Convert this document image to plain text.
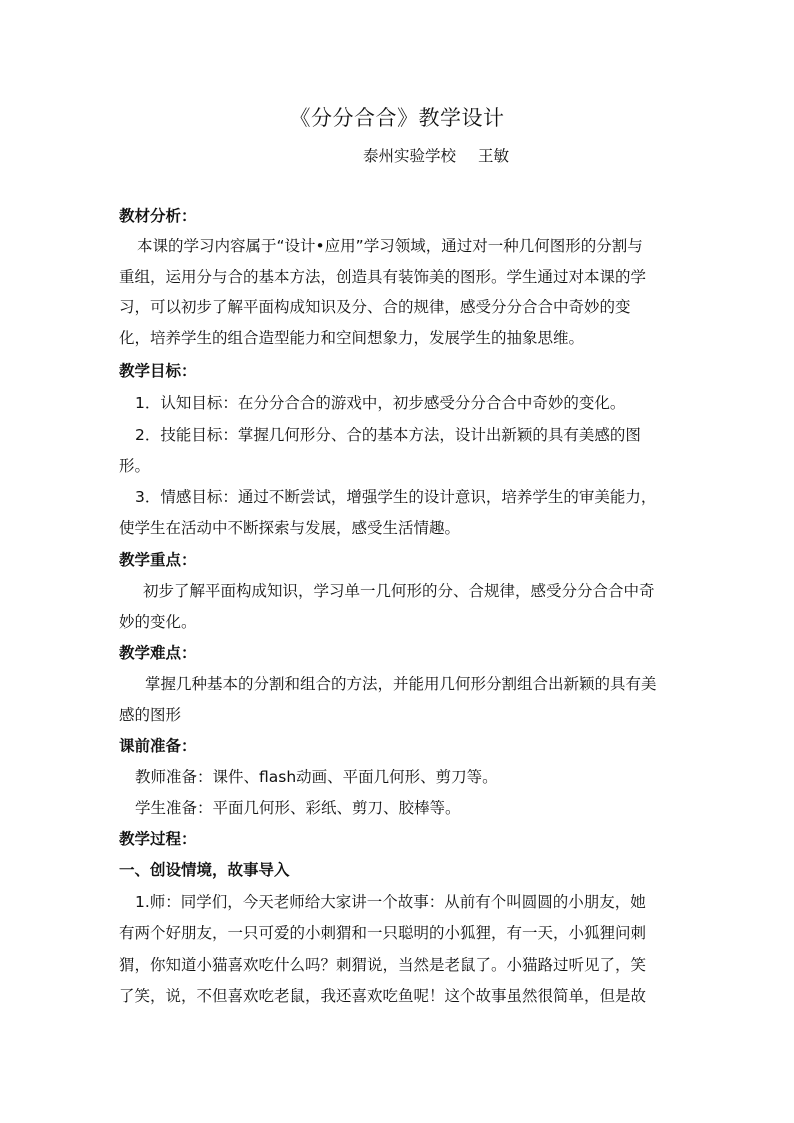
《分分合合》教学设计
泰州实验学校 王敏
教材分析：
本课的学习内容属于“设计•应用”学习领域，通过对一种几何图形的分割与
重组，运用分与合的基本方法，创造具有装饰美的图形。学生通过对本课的学
习，可以初步了解平面构成知识及分、合的规律，感受分分合合中奇妙的变
化，培养学生的组合造型能力和空间想象力，发展学生的抽象思维。
教学目标：
1．认知目标：在分分合合的游戏中，初步感受分分合合中奇妙的变化。
2．技能目标：掌握几何形分、合的基本方法，设计出新颖的具有美感的图
形。
3．情感目标：通过不断尝试，增强学生的设计意识，培养学生的审美能力，
使学生在活动中不断探索与发展，感受生活情趣。
教学重点：
初步了解平面构成知识，学习单一几何形的分、合规律，感受分分合合中奇
妙的变化。
教学难点：
掌握几种基本的分割和组合的方法，并能用几何形分割组合出新颖的具有美
感的图形
课前准备：
教师准备：课件、flash动画、平面几何形、剪刀等。
学生准备：平面几何形、彩纸、剪刀、胶棒等。
教学过程：
一、创设情境，故事导入
1.师：同学们，今天老师给大家讲一个故事：从前有个叫圆圆的小朋友，她
有两个好朋友，一只可爱的小刺猬和一只聪明的小狐狸，有一天，小狐狸问刺
猬，你知道小猫喜欢吃什么吗？刺猬说，当然是老鼠了。小猫路过听见了，笑
了笑，说，不但喜欢吃老鼠，我还喜欢吃鱼呢！这个故事虽然很简单，但是故
